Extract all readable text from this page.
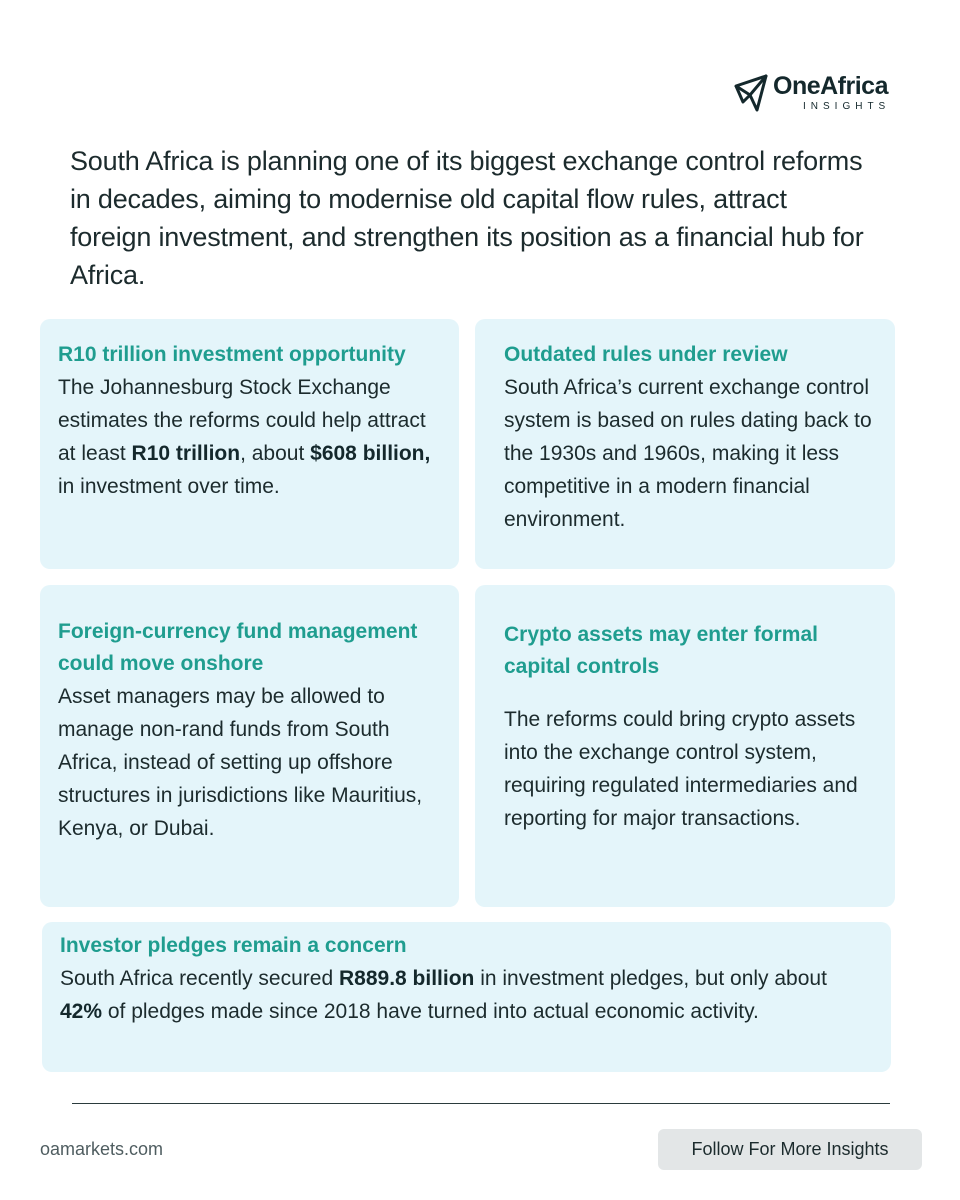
OneAfrica
INSIGHTS

South Africa is planning one of its biggest exchange control reforms in decades, aiming to modernise old capital flow rules, attract foreign investment, and strengthen its position as a financial hub for Africa.

R10 trillion investment opportunity

The Johannesburg Stock Exchange estimates the reforms could help attract at least R10 trillion, about $608 billion, in investment over time.

Outdated rules under review

South Africa’s current exchange control system is based on rules dating back to the 1930s and 1960s, making it less competitive in a modern financial environment.

Foreign-currency fund management could move onshore

Asset managers may be allowed to manage non-rand funds from South Africa, instead of setting up offshore structures in jurisdictions like Mauritius, Kenya, or Dubai.

Crypto assets may enter formal capital controls

The reforms could bring crypto assets into the exchange control system, requiring regulated intermediaries and reporting for major transactions.

Investor pledges remain a concern

South Africa recently secured R889.8 billion in investment pledges, but only about 42% of pledges made since 2018 have turned into actual economic activity.

oamarkets.com	Follow For More Insights
